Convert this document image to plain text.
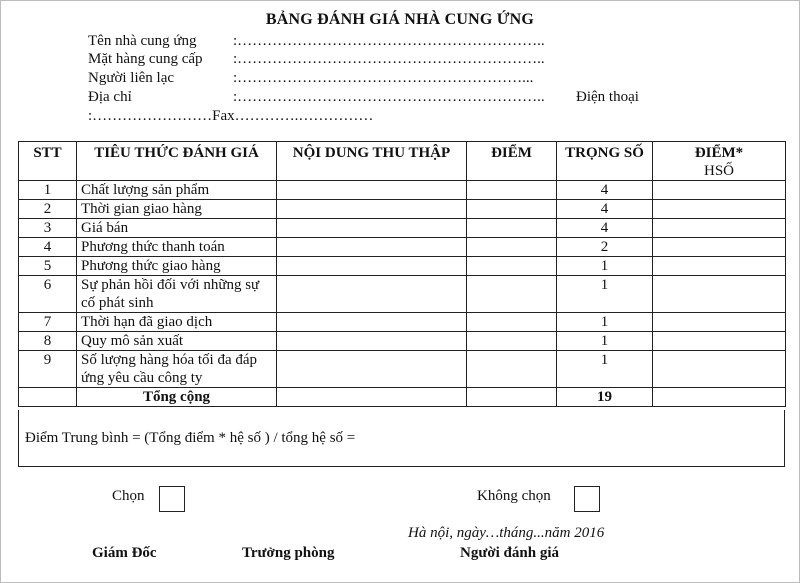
BẢNG ĐÁNH GIÁ NHÀ CUNG ỨNG
Tên nhà cung ứng :……………………………………………………..
Mặt hàng cung cấp :……………………………………………………..
Người liên lạc	:…………………………………………………...
Địa chỉ	:…………………………………………………….. Điện thoại
:……………………Fax………….……………
STT	TIÊU THỨC ĐÁNH GIÁ	NỘI DUNG THU THẬP	ĐIỂM	TRỌNG SỐ	ĐIỂM*
HSỐ

1	Chất lượng sản phẩm			4	
2	Thời gian giao hàng			4	
3	Giá bán			4	
4	Phương thức thanh toán			2	
5	Phương thức giao hàng			1	
6	Sự phản hồi đối với những sự cố phát sinh			1	
7	Thời hạn đã giao dịch			1	
8	Quy mô sản xuất			1	
9	Số lượng hàng hóa tối đa đáp ứng yêu cầu công ty			1	
	Tổng cộng			19	
Điểm Trung bình = (Tổng điểm * hệ số ) / tổng hệ số =
Chọn	Không chọn
Hà nội, ngày…tháng...năm 2016
Giám Đốc	Trưởng phòng	Người đánh giá
